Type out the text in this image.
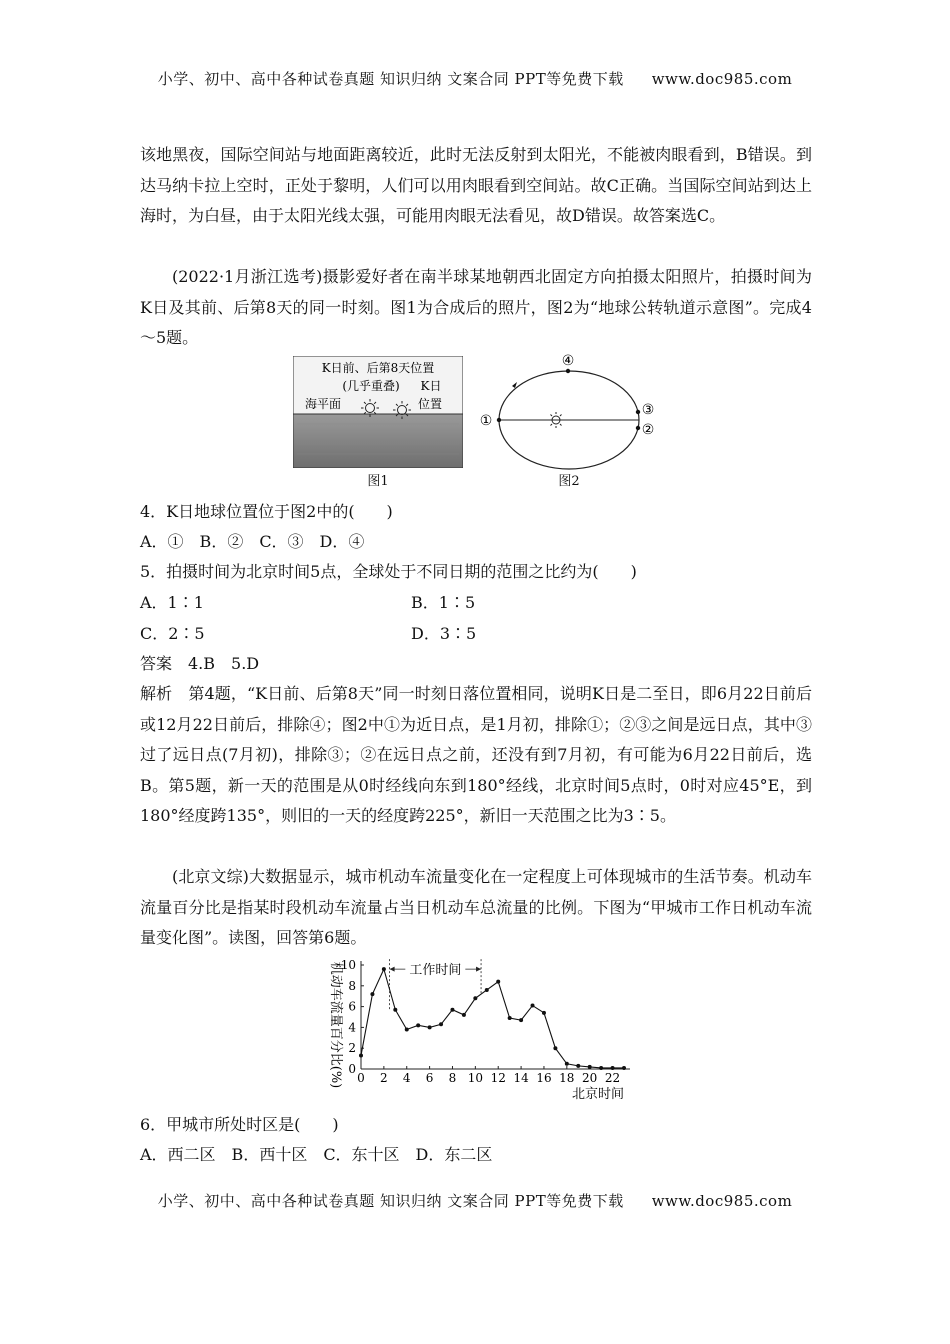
小学、初中、高中各种试卷真题 知识归纳 文案合同 PPT等免费下载 www.doc985.com
该地黑夜，国际空间站与地面距离较近，此时无法反射到太阳光，不能被肉眼看到，B错误。到达马纳卡拉上空时，正处于黎明，人们可以用肉眼看到空间站。故C正确。当国际空间站到达上海时，为白昼，由于太阳光线太强，可能用肉眼无法看见，故D错误。故答案选C。
(2022·1月浙江选考)摄影爱好者在南半球某地朝西北固定方向拍摄太阳照片，拍摄时间为K日及其前、后第8天的同一时刻。图1为合成后的照片，图2为“地球公转轨道示意图”。完成4～5题。
K日前、后第8天位置
(几乎重叠) K日
位置
海平面
图1
①
④
③
②
图2
4．K日地球位置位于图2中的(　　)
A．①　B．②　C．③　D．④
5．拍摄时间为北京时间5点，全球处于不同日期的范围之比约为(　　)
A．1∶1	B．1∶5
C．2∶5	D．3∶5
答案　4.B　5.D
解析　第4题，“K日前、后第8天”同一时刻日落位置相同，说明K日是二至日，即6月22日前后或12月22日前后，排除④；图2中①为近日点，是1月初，排除①；②③之间是远日点，其中③过了远日点(7月初)，排除③；②在远日点之前，还没有到7月初，有可能为6月22日前后，选B。第5题，新一天的范围是从0时经线向东到180°经线，北京时间5点时，0时对应45°E，到180°经度跨135°，则旧的一天的经度跨225°，新旧一天范围之比为3∶5。
(北京文综)大数据显示，城市机动车流量变化在一定程度上可体现城市的生活节奏。机动车流量百分比是指某时段机动车流量占当日机动车总流量的比例。下图为“甲城市工作日机动车流量变化图”。读图，回答第6题。
0
2
4
6
8
10
0 2 4 6 8 10 12 14 16 18 20 22
北京时间
机动车流量百分比(%)	工作时间
6．甲城市所处时区是(　　)
A．西二区　B．西十区　C．东十区　D．东二区
小学、初中、高中各种试卷真题 知识归纳 文案合同 PPT等免费下载 www.doc985.com
